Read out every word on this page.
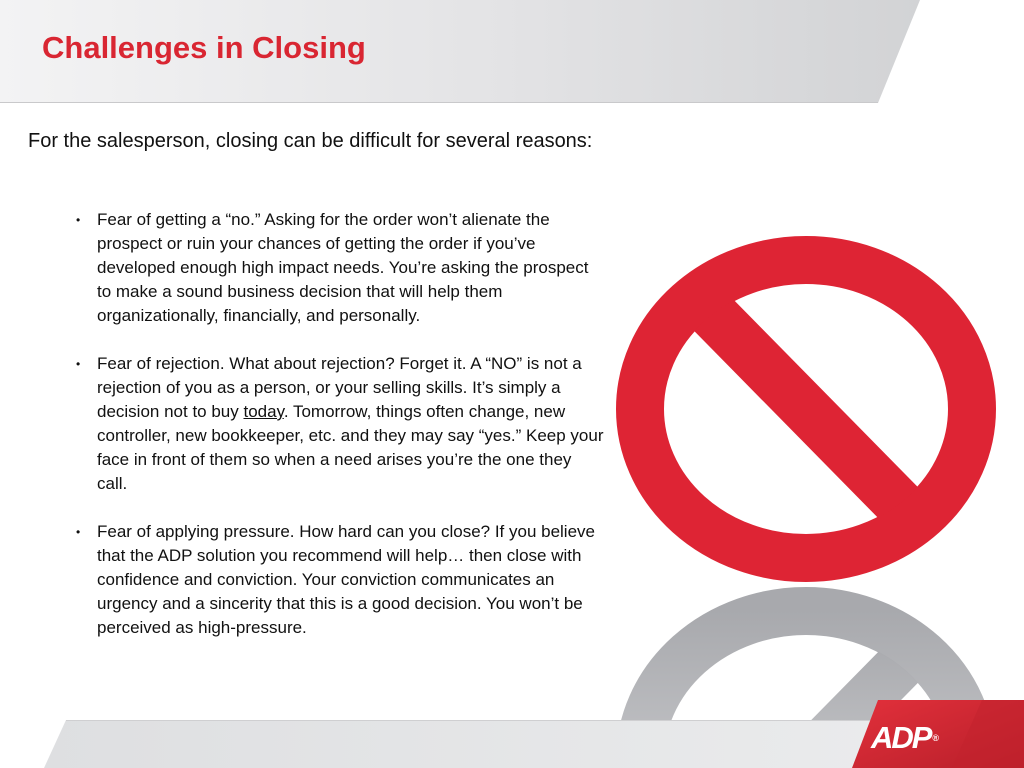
Challenges in Closing

For the salesperson, closing can be difficult for several reasons:

• Fear of getting a “no.” Asking for the order won’t alienate the prospect or ruin your chances of getting the order if you’ve developed enough high impact needs. You’re asking the prospect to make a sound business decision that will help them organizationally, financially, and personally.
• Fear of rejection. What about rejection? Forget it. A “NO” is not a rejection of you as a person, or your selling skills. It’s simply a decision not to buy today. Tomorrow, things often change, new controller, new bookkeeper, etc. and they may say “yes.” Keep your face in front of them so when a need arises you’re the one they call.
• Fear of applying pressure. How hard can you close? If you believe that the ADP solution you recommend will help… then close with confidence and conviction. Your conviction communicates an urgency and a sincerity that this is a good decision. You won’t be perceived as high-pressure.
ADP ®
